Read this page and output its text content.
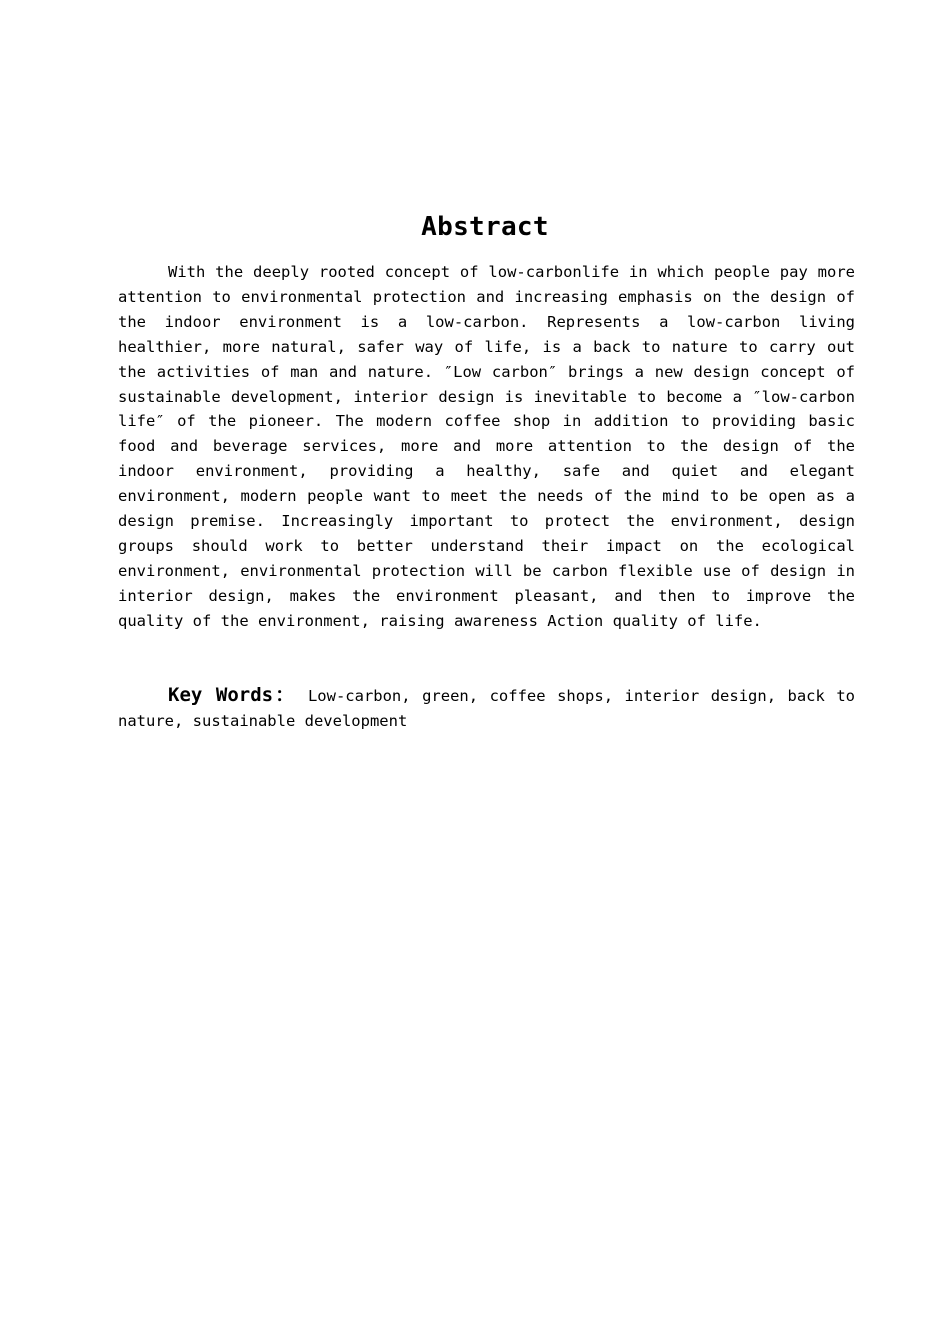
Abstract

With the deeply rooted concept of low-carbonlife in which people pay more attention to environmental protection and increasing emphasis on the design of the indoor environment is a low-carbon. Represents a low-carbon living healthier, more natural, safer way of life, is a back to nature to carry out the activities of man and nature. ″Low carbon″ brings a new design concept of sustainable development, interior design is inevitable to become a ″low-carbon life″ of the pioneer. The modern coffee shop in addition to providing basic food and beverage services, more and more attention to the design of the indoor environment, providing a healthy, safe and quiet and elegant environment, modern people want to meet the needs of the mind to be open as a design premise. Increasingly important to protect the environment, design groups should work to better understand their impact on the ecological environment, environmental protection will be carbon flexible use of design in interior design, makes the environment pleasant, and then to improve the quality of the environment, raising awareness Action quality of life.

Key Words： Low-carbon, green, coffee shops, interior design, back to nature, sustainable development
